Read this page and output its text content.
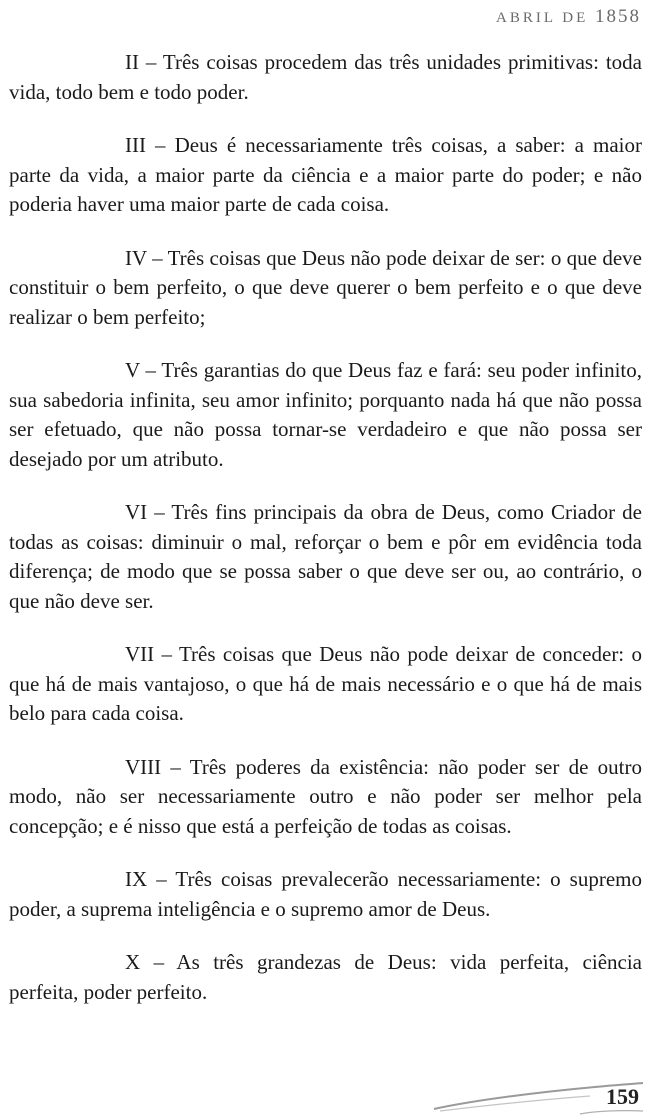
ABRIL DE 1858

II – Três coisas procedem das três unidades primitivas: toda vida, todo bem e todo poder.

III – Deus é necessariamente três coisas, a saber: a maior parte da vida, a maior parte da ciência e a maior parte do poder; e não poderia haver uma maior parte de cada coisa.

IV – Três coisas que Deus não pode deixar de ser: o que deve constituir o bem perfeito, o que deve querer o bem perfeito e o que deve realizar o bem perfeito;

V – Três garantias do que Deus faz e fará: seu poder infinito, sua sabedoria infinita, seu amor infinito; porquanto nada há que não possa ser efetuado, que não possa tornar-se verdadeiro e que não possa ser desejado por um atributo.

VI – Três fins principais da obra de Deus, como Criador de todas as coisas: diminuir o mal, reforçar o bem e pôr em evidência toda diferença; de modo que se possa saber o que deve ser ou, ao contrário, o que não deve ser.

VII – Três coisas que Deus não pode deixar de conceder: o que há de mais vantajoso, o que há de mais necessário e o que há de mais belo para cada coisa.

VIII – Três poderes da existência: não poder ser de outro modo, não ser necessariamente outro e não poder ser melhor pela concepção; e é nisso que está a perfeição de todas as coisas.

IX – Três coisas prevalecerão necessariamente: o supremo poder, a suprema inteligência e o supremo amor de Deus.

X – As três grandezas de Deus: vida perfeita, ciência perfeita, poder perfeito.

159
